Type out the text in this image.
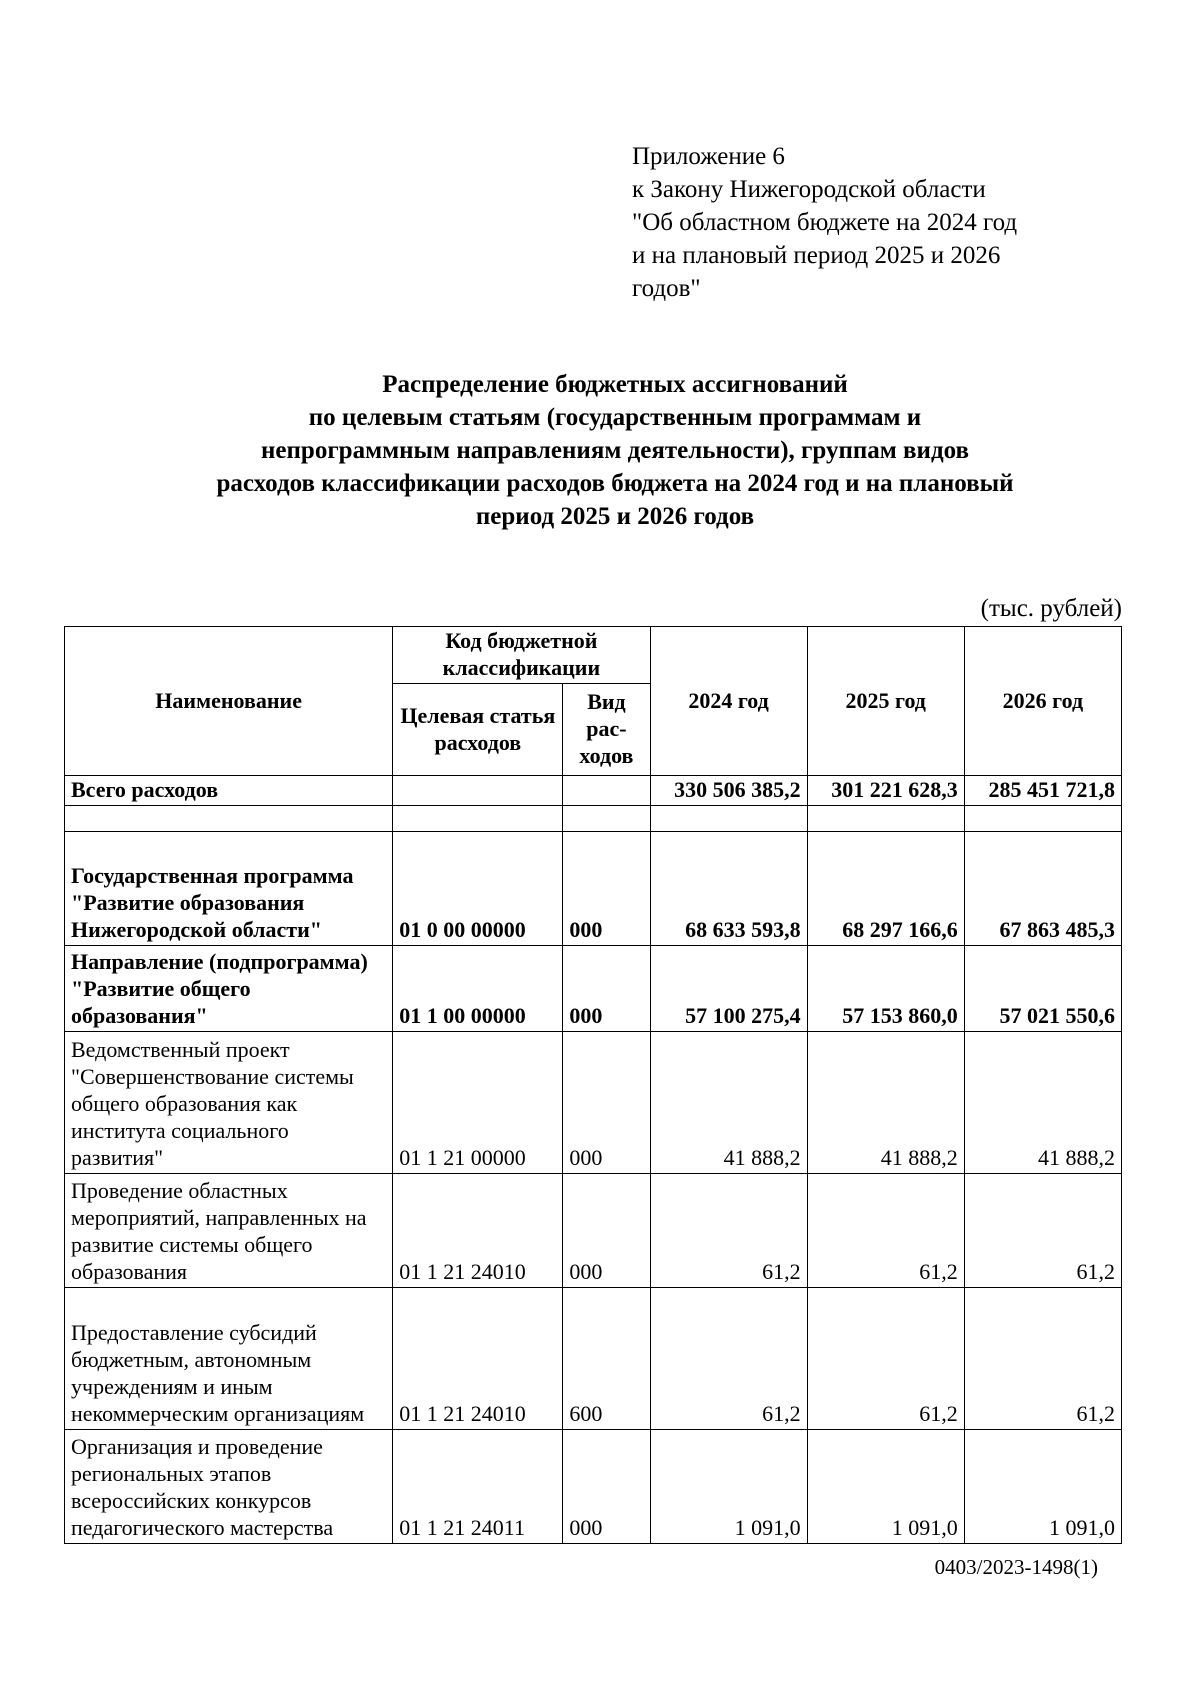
Приложение 6
к Закону Нижегородской области
"Об областном бюджете на 2024 год
и на плановый период 2025 и 2026
годов"
Распределение бюджетных ассигнований
по целевым статьям (государственным программам и
непрограммным направлениям деятельности), группам видов
расходов классификации расходов бюджета на 2024 год и на плановый
период 2025 и 2026 годов
(тыс. рублей)
Наименование	Код бюджетной классификации		2024 год	2025 год	2026 год
	Целевая статья расходов	Вид рас-ходов			
Всего расходов			330 506 385,2	301 221 628,3	285 451 721,8

Государственная программа "Развитие образования Нижегородской области"	01 0 00 00000	000	68 633 593,8	68 297 166,6	67 863 485,3
Направление (подпрограмма) "Развитие общего образования"	01 1 00 00000	000	57 100 275,4	57 153 860,0	57 021 550,6
Ведомственный проект "Совершенствование системы общего образования как института социального развития"	01 1 21 00000	000	41 888,2	41 888,2	41 888,2
Проведение областных мероприятий, направленных на развитие системы общего образования	01 1 21 24010	000	61,2	61,2	61,2
Предоставление субсидий бюджетным, автономным учреждениям и иным некоммерческим организациям	01 1 21 24010	600	61,2	61,2	61,2
Организация и проведение региональных этапов всероссийских конкурсов педагогического мастерства	01 1 21 24011	000	1 091,0	1 091,0	1 091,0
0403/2023-1498(1)
